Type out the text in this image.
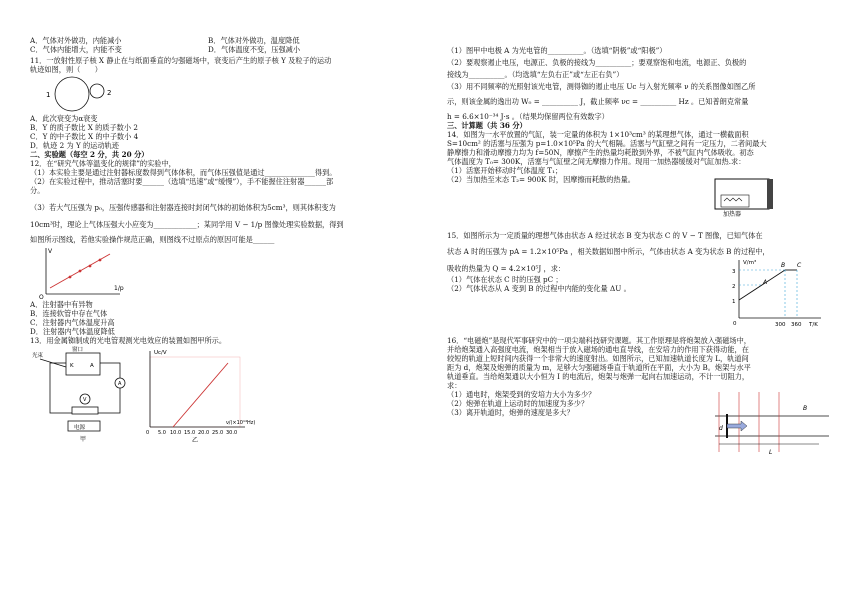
A．气体对外做功，内能减小	B．气体对外做功，温度降低
C．气体内能增大，内能不变	D．气体温度不变，压强减小

11．一放射性原子核 X 静止在与纸面垂直的匀强磁场中，衰变后产生的原子核 Y 及粒子的运动

轨迹如图，则（　　）

1	2

A．此次衰变为α衰变

B．Y 的质子数比 X 的质子数小 2

C．Y 的中子数比 X 的中子数小 4

D．轨迹 2 为 Y 的运动轨迹

二、实验题（每空 2 分，共 20 分）

12．在“研究气体等温变化的规律”的实验中，

（1）本实验主要是通过注射器标度数得到气体体积，而气体压强值是通过______________得到。

（2）在实验过程中，推动活塞时要______（选填“迅速”或“缓慢”），手不能握住注射器______部

分。

（3）若大气压强为 p₀，压强传感器和注射器连接时封闭气体的初始体积为5cm³，则其体积变为

10cm³时，理论上气体压强大小应变为____________；某同学用 V − 1/p 图像处理实验数据，得到

如图所示图线，若他实验操作规范正确，则图线不过原点的原因可能是______

V
O
1/p

A．注射器中有异物

B．连接软管中存在气体

C．注射器内气体温度升高

D．注射器内气体温度降低

13．用金属铷制成的光电管观测光电效应的装置如图甲所示。

窗口
光束
K	A
V
A
电源
甲
Uc/V
0 5.0 10.0 15.0 20.0 25.0 30.0
ν/(×10¹⁴Hz)
乙

（1）图甲中电极 A 为光电管的__________。（选填“阴极”或“阳极”）

（2）要观察遏止电压，电源正、负极的接线为__________；要观察饱和电流，电源正、负极的

接线为__________。（均选填“左负右正”或“左正右负”）

（3）用不同频率的光照射该光电管，测得铷的遏止电压 Uc 与入射光频率 ν 的关系图像如图乙所

示，则该金属的逸出功 W₀ = __________ J，截止频率 νc = __________ Hz 。已知普朗克常量

h = 6.6×10⁻³⁴ J·s 。（结果均保留两位有效数字）

三、计算题（共 36 分）

14．如图为一水平放置的气缸，装一定量的体积为 1×10³cm³ 的某理想气体，通过一横截面积

S=10cm² 的活塞与压强为 p=1.0×10⁵Pa 的大气相隔。活塞与气缸壁之间有一定压力，二者间最大

静摩擦力和滑动摩擦力均为 f=50N，摩擦产生的热量均耗散到外界，不被气缸内气体吸收。初态

气体温度为 T₀= 300K，活塞与气缸壁之间无摩擦力作用。现用一加热器缓缓对气缸加热.求：

（1）活塞开始移动时气体温度 T₁；

（2）当加热至末态 T₂= 900K 时，因摩擦而耗散的热量。

加热器

15．如图所示为一定质量的理想气体由状态 A 经过状态 B 变为状态 C 的 V − T 图像，已知气体在

状态 A 时的压强为 pA = 1.2×10⁵Pa ，相关数据如图中所示，气体由状态 A 变为状态 B 的过程中，

吸收的热量为 Q = 4.2×10⁵J ，求：

（1）气体在状态 C 时的压强 pC ；

（2）气体状态从 A 变到 B 的过程中内能的变化量 ΔU 。

V/m³
3
2
1
0	300 360 T/K
A
B C

16．“电磁炮”是现代军事研究中的一项尖端科技研究课题。其工作原理是将炮架放入强磁场中，

并给炮架通入高强度电流，炮架相当于放入磁场的通电直导线，在安培力的作用下获得动能，在

较短的轨道上短时间内获得一个非常大的速度射出。如图所示，已知加速轨道长度为 L，轨道间

距为 d，炮架及炮弹的质量为 m，足够大匀强磁场垂直于轨道所在平面，大小为 B。炮架与水平

轨道垂直。当给炮架通以大小恒为 I 的电流后，炮架与炮弹一起向右加速运动，不计一切阻力，

求：

（1）通电时，炮架受到的安培力大小为多少？

（2）炮弹在轨道上运动时的加速度为多少？

（3）离开轨道时，炮弹的速度是多大？	B
d
L
